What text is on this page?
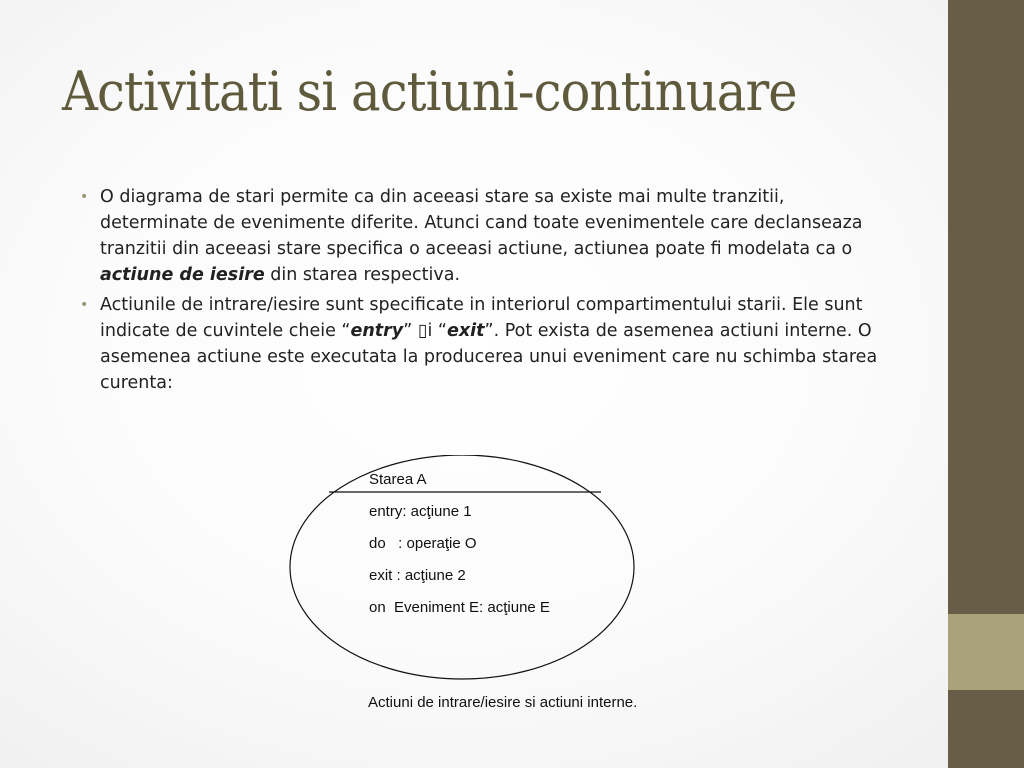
Activitati si actiuni-continuare
• O diagrama de stari permite ca din aceeasi stare sa existe mai multe tranzitii, determinate de evenimente diferite. Atunci cand toate evenimentele care declanseaza tranzitii din aceeasi stare specifica o aceeasi actiune, actiunea poate fi modelata ca o actiune de iesire din starea respectiva.
• Actiunile de intrare/iesire sunt specificate in interiorul compartimentului starii. Ele sunt indicate de cuvintele cheie “entry” ▯i “exit”. Pot exista de asemenea actiuni interne. O asemenea actiune este executata la producerea unui eveniment care nu schimba starea curenta:
Starea A
entry: acţiune 1
do   : operaţie O
exit : acţiune 2
on  Eveniment E: acţiune E
Actiuni de intrare/iesire si actiuni interne.
